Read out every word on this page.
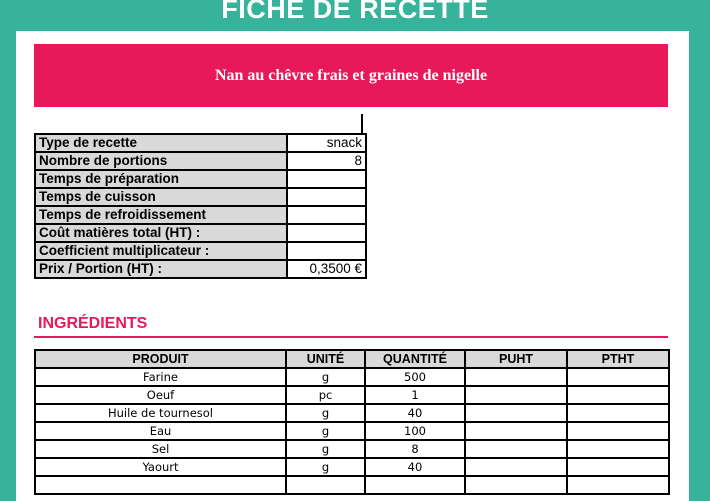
FICHE DE RECETTE
Nan au chêvre frais et graines de nigelle
Type de recette	snack
Nombre de portions	8
Temps de préparation	
Temps de cuisson	
Temps de refroidissement	
Coût matières total (HT) :	
Coefficient multiplicateur :	
Prix / Portion (HT) :	0,3500 €
INGRÉDIENTS
PRODUIT	UNITÉ	QUANTITÉ	PUHT	PTHT
Farine	g	500		
Oeuf	pc	1		
Huile de tournesol	g	40		
Eau	g	100		
Sel	g	8		
Yaourt	g	40		
